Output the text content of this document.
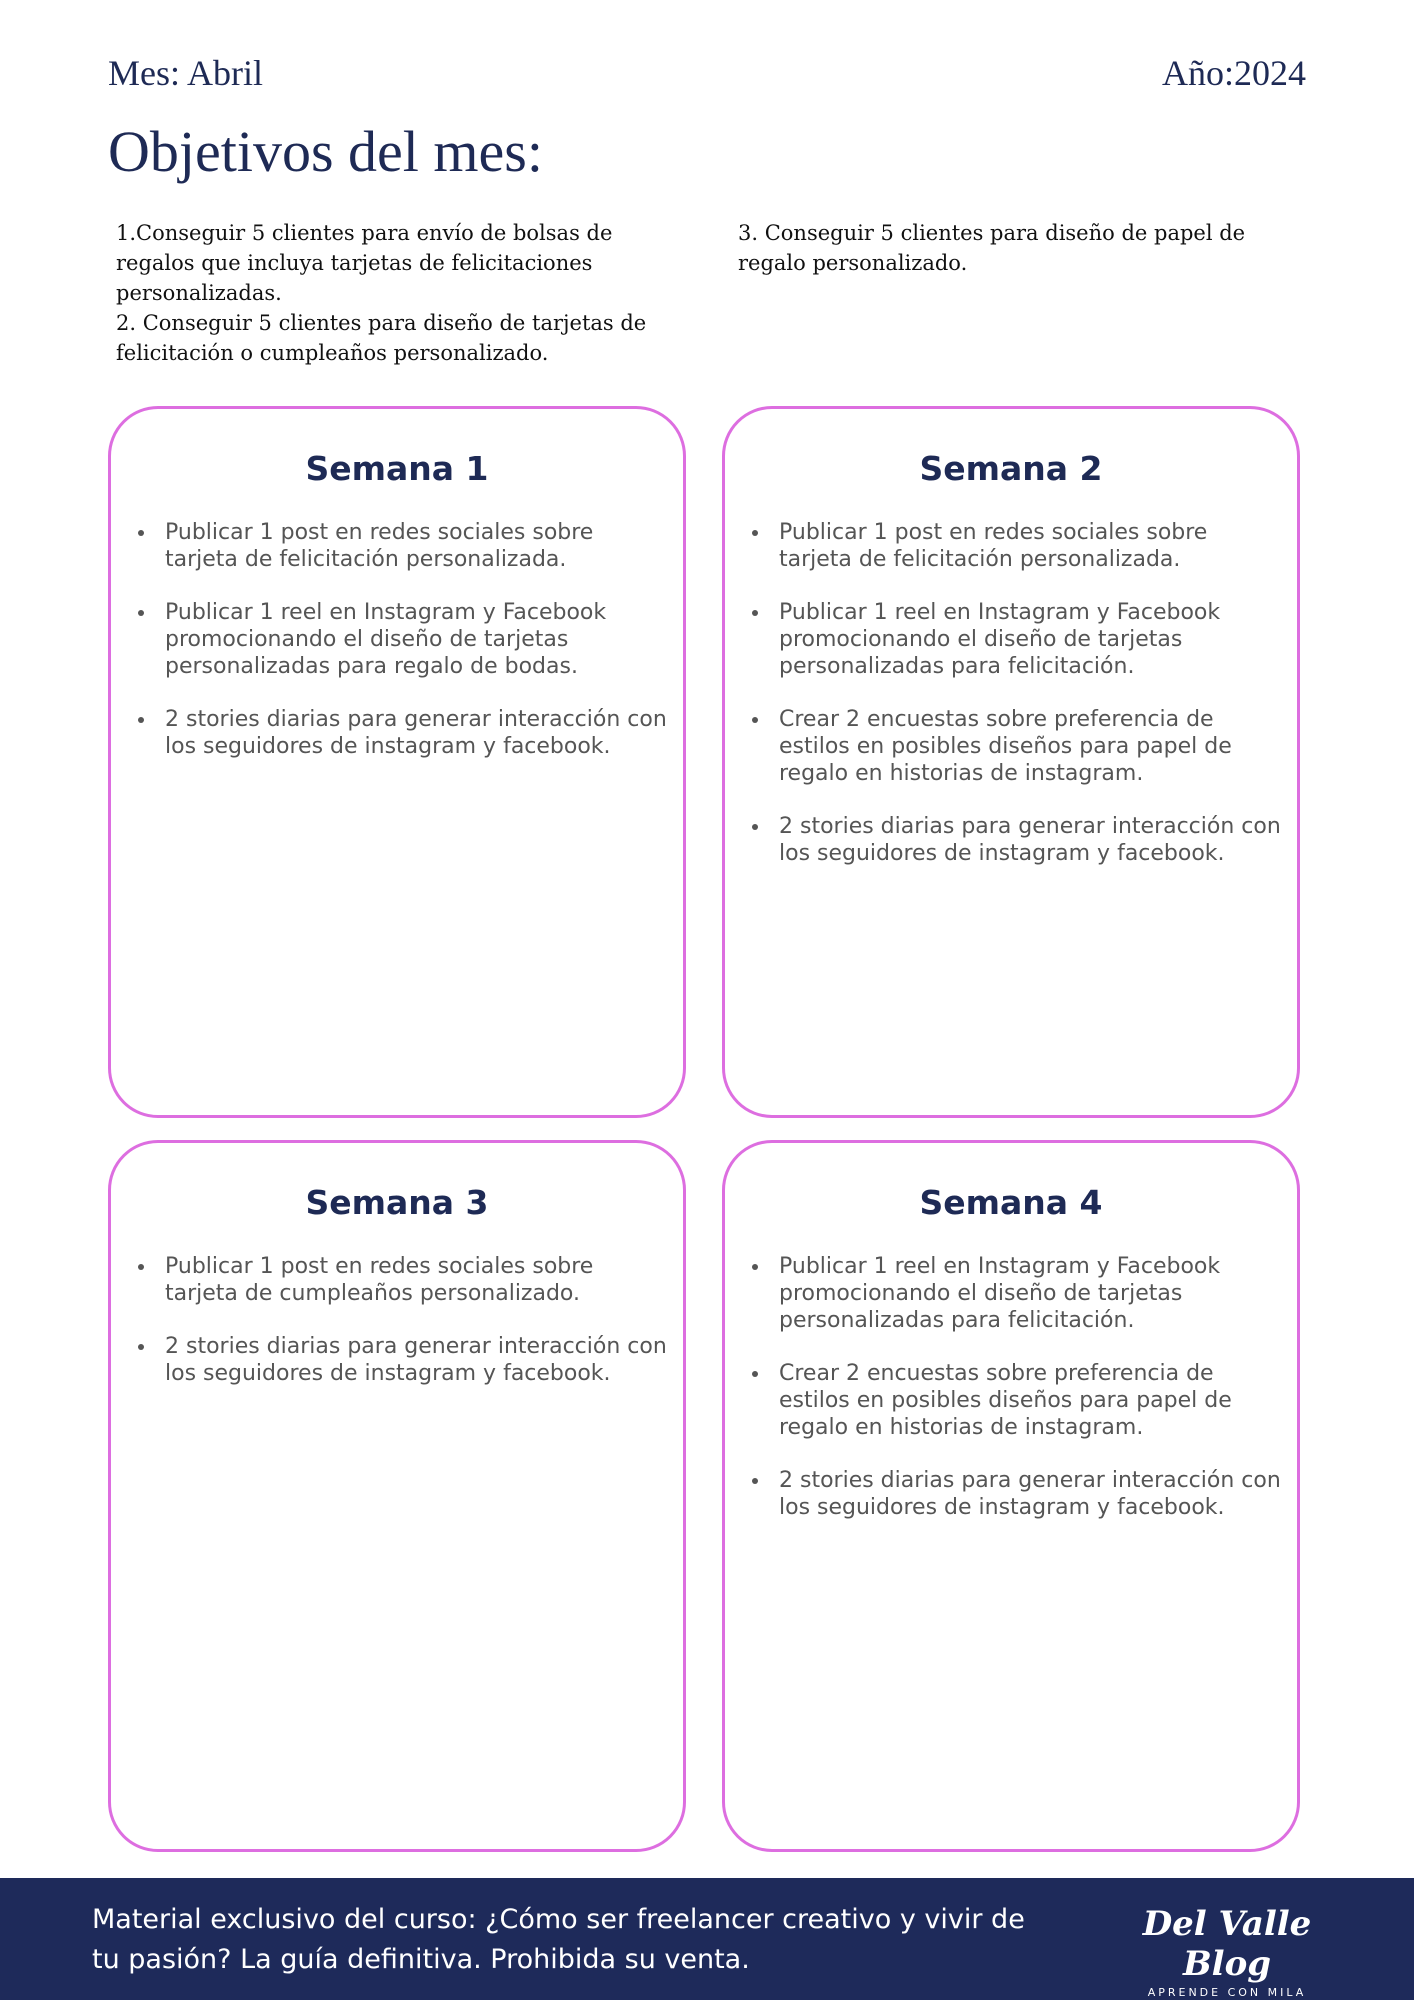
Mes: Abril	Año:2024
Objetivos del mes:

1.Conseguir 5 clientes para envío de bolsas de regalos que incluya tarjetas de felicitaciones personalizadas.

2. Conseguir 5 clientes para diseño de tarjetas de felicitación o cumpleaños personalizado.

3. Conseguir 5 clientes para diseño de papel de regalo personalizado.

Semana 1
• Publicar 1 post en redes sociales sobre tarjeta de felicitación personalizada.
• Publicar 1 reel en Instagram y Facebook promocionando el diseño de tarjetas personalizadas para regalo de bodas.
• 2 stories diarias para generar interacción con los seguidores de instagram y facebook.
Semana 2
• Publicar 1 post en redes sociales sobre tarjeta de felicitación personalizada.
• Publicar 1 reel en Instagram y Facebook promocionando el diseño de tarjetas personalizadas para felicitación.
• Crear 2 encuestas sobre preferencia de estilos en posibles diseños para papel de regalo en historias de instagram.
• 2 stories diarias para generar interacción con los seguidores de instagram y facebook.
Semana 3
• Publicar 1 post en redes sociales sobre tarjeta de cumpleaños personalizado.
• 2 stories diarias para generar interacción con los seguidores de instagram y facebook.
Semana 4
• Publicar 1 reel en Instagram y Facebook promocionando el diseño de tarjetas personalizadas para felicitación.
• Crear 2 encuestas sobre preferencia de estilos en posibles diseños para papel de regalo en historias de instagram.
• 2 stories diarias para generar interacción con los seguidores de instagram y facebook.
Material exclusivo del curso: ¿Cómo ser freelancer creativo y vivir de tu pasión? La guía definitiva. Prohibida su venta.
Del Valle Blog
APRENDE CON MILA
